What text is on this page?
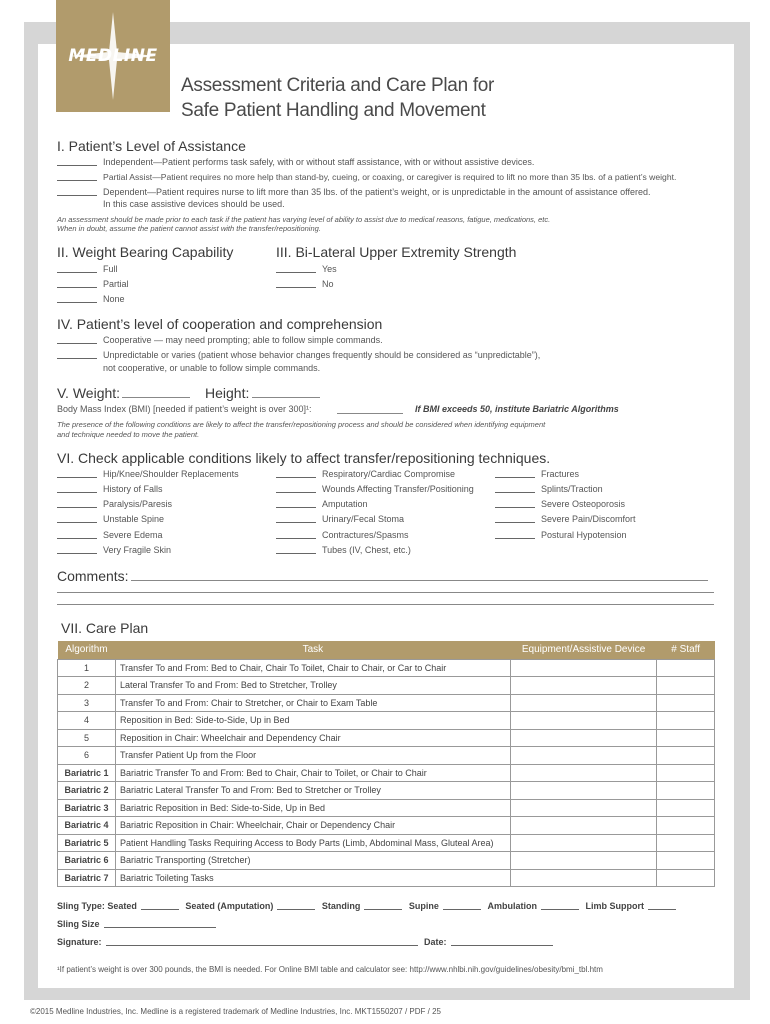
MEDLINE
Assessment Criteria and Care Plan for
Safe Patient Handling and Movement
I. Patient’s Level of Assistance
Independent—Patient performs task safely, with or without staff assistance, with or without assistive devices.
Partial Assist—Patient requires no more help than stand-by, cueing, or coaxing, or caregiver is required to lift no more than 35 lbs. of a patient’s weight.
Dependent—Patient requires nurse to lift more than 35 lbs. of the patient’s weight, or is unpredictable in the amount of assistance offered.
In this case assistive devices should be used.
An assessment should be made prior to each task if the patient has varying level of ability to assist due to medical reasons, fatigue, medications, etc.
When in doubt, assume the patient cannot assist with the transfer/repositioning.
II. Weight Bearing Capability	III. Bi-Lateral Upper Extremity Strength
Full
Partial
None
Yes
No
IV. Patient’s level of cooperation and comprehension
Cooperative — may need prompting; able to follow simple commands.
Unpredictable or varies (patient whose behavior changes frequently should be considered as “unpredictable”),
not cooperative, or unable to follow simple commands.
V. Weight:	Height:
Body Mass Index (BMI) [needed if patient’s weight is over 300]¹:	If BMI exceeds 50, institute Bariatric Algorithms
The presence of the following conditions are likely to affect the transfer/repositioning process and should be considered when identifying equipment
and technique needed to move the patient.
VI. Check applicable conditions likely to affect transfer/repositioning techniques.
Hip/Knee/Shoulder Replacements
History of Falls
Paralysis/Paresis
Unstable Spine
Severe Edema
Very Fragile Skin
Respiratory/Cardiac Compromise
Wounds Affecting Transfer/Positioning
Amputation
Urinary/Fecal Stoma
Contractures/Spasms
Tubes (IV, Chest, etc.)
Fractures
Splints/Traction
Severe Osteoporosis
Severe Pain/Discomfort
Postural Hypotension
Comments:
VII. Care Plan
Algorithm	Task	Equipment/Assistive Device	# Staff
1	Transfer To and From: Bed to Chair, Chair To Toilet, Chair to Chair, or Car to Chair		
2	Lateral Transfer To and From: Bed to Stretcher, Trolley		
3	Transfer To and From: Chair to Stretcher, or Chair to Exam Table		
4	Reposition in Bed: Side-to-Side, Up in Bed		
5	Reposition in Chair: Wheelchair and Dependency Chair		
6	Transfer Patient Up from the Floor		
Bariatric 1	Bariatric Transfer To and From: Bed to Chair, Chair to Toilet, or Chair to Chair		
Bariatric 2	Bariatric Lateral Transfer To and From: Bed to Stretcher or Trolley		
Bariatric 3	Bariatric Reposition in Bed: Side-to-Side, Up in Bed		
Bariatric 4	Bariatric Reposition in Chair: Wheelchair, Chair or Dependency Chair		
Bariatric 5	Patient Handling Tasks Requiring Access to Body Parts (Limb, Abdominal Mass, Gluteal Area)		
Bariatric 6	Bariatric Transporting (Stretcher)		
Bariatric 7	Bariatric Toileting Tasks		
Sling Type: Seated	Seated (Amputation)	Standing	Supine	Ambulation	Limb Support
Sling Size
Signature:	Date:
¹If patient’s weight is over 300 pounds, the BMI is needed. For Online BMI table and calculator see: http://www.nhlbi.nih.gov/guidelines/obesity/bmi_tbl.htm
©2015 Medline Industries, Inc. Medline is a registered trademark of Medline Industries, Inc. MKT1550207 / PDF / 25
